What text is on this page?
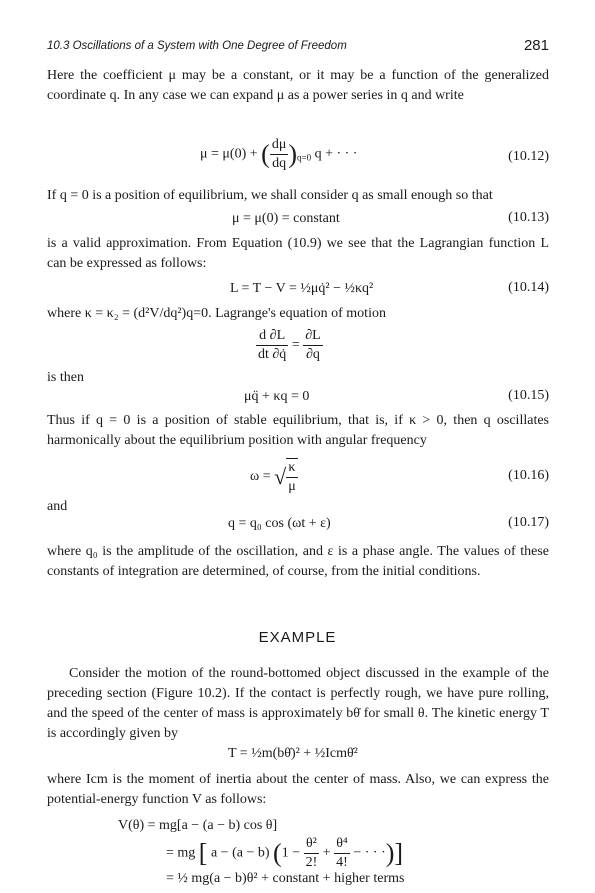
10.3 Oscillations of a System with One Degree of Freedom	281

Here the coefficient μ may be a constant, or it may be a function of the generalized coordinate q. In any case we can expand μ as a power series in q and write

μ = μ(0) + ( $\frac{d\mu}{dq} )_{q=0}$ q + · · ·	(10.12)

If q = 0 is a position of equilibrium, we shall consider q as small enough so that

μ = μ(0) = constant	(10.13)

is a valid approximation. From Equation (10.9) we see that the Lagrangian function L can be expressed as follows:

L = T − V = ½μq̇² − ½κq²	(10.14)

where κ = κ₂ = (d²V/dq²)q=0. Lagrange's equation of motion

$\frac{d \partial L}{dt \partial q̇} = \frac{\partial L}{\partial q}$

is then

μq̈ + κq = 0	(10.15)

Thus if q = 0 is a position of stable equilibrium, that is, if κ > 0, then q oscillates harmonically about the equilibrium position with angular frequency

ω = √ $\frac{\kappa}{\mu}$	(10.16)

and

q = q₀ cos (ωt + ε)	(10.17)

where q₀ is the amplitude of the oscillation, and ε is a phase angle. The values of these constants of integration are determined, of course, from the initial conditions.

EXAMPLE

Consider the motion of the round-bottomed object discussed in the example of the preceding section (Figure 10.2). If the contact is perfectly rough, we have pure rolling, and the speed of the center of mass is approximately bθ̇ for small θ. The kinetic energy T is accordingly given by

T = ½m(bθ̇)² + ½Icmθ̇²

where Icm is the moment of inertia about the center of mass. Also, we can express the potential-energy function V as follows:

V(θ) = mg[a − (a − b) cos θ]
= mg [ a − (a − b) ($1 - \frac{\text{θ²}}{2!} + \frac{\text{θ⁴}}{4!}$ − · · ·)]
= ½ mg(a − b)θ² + constant + higher terms
